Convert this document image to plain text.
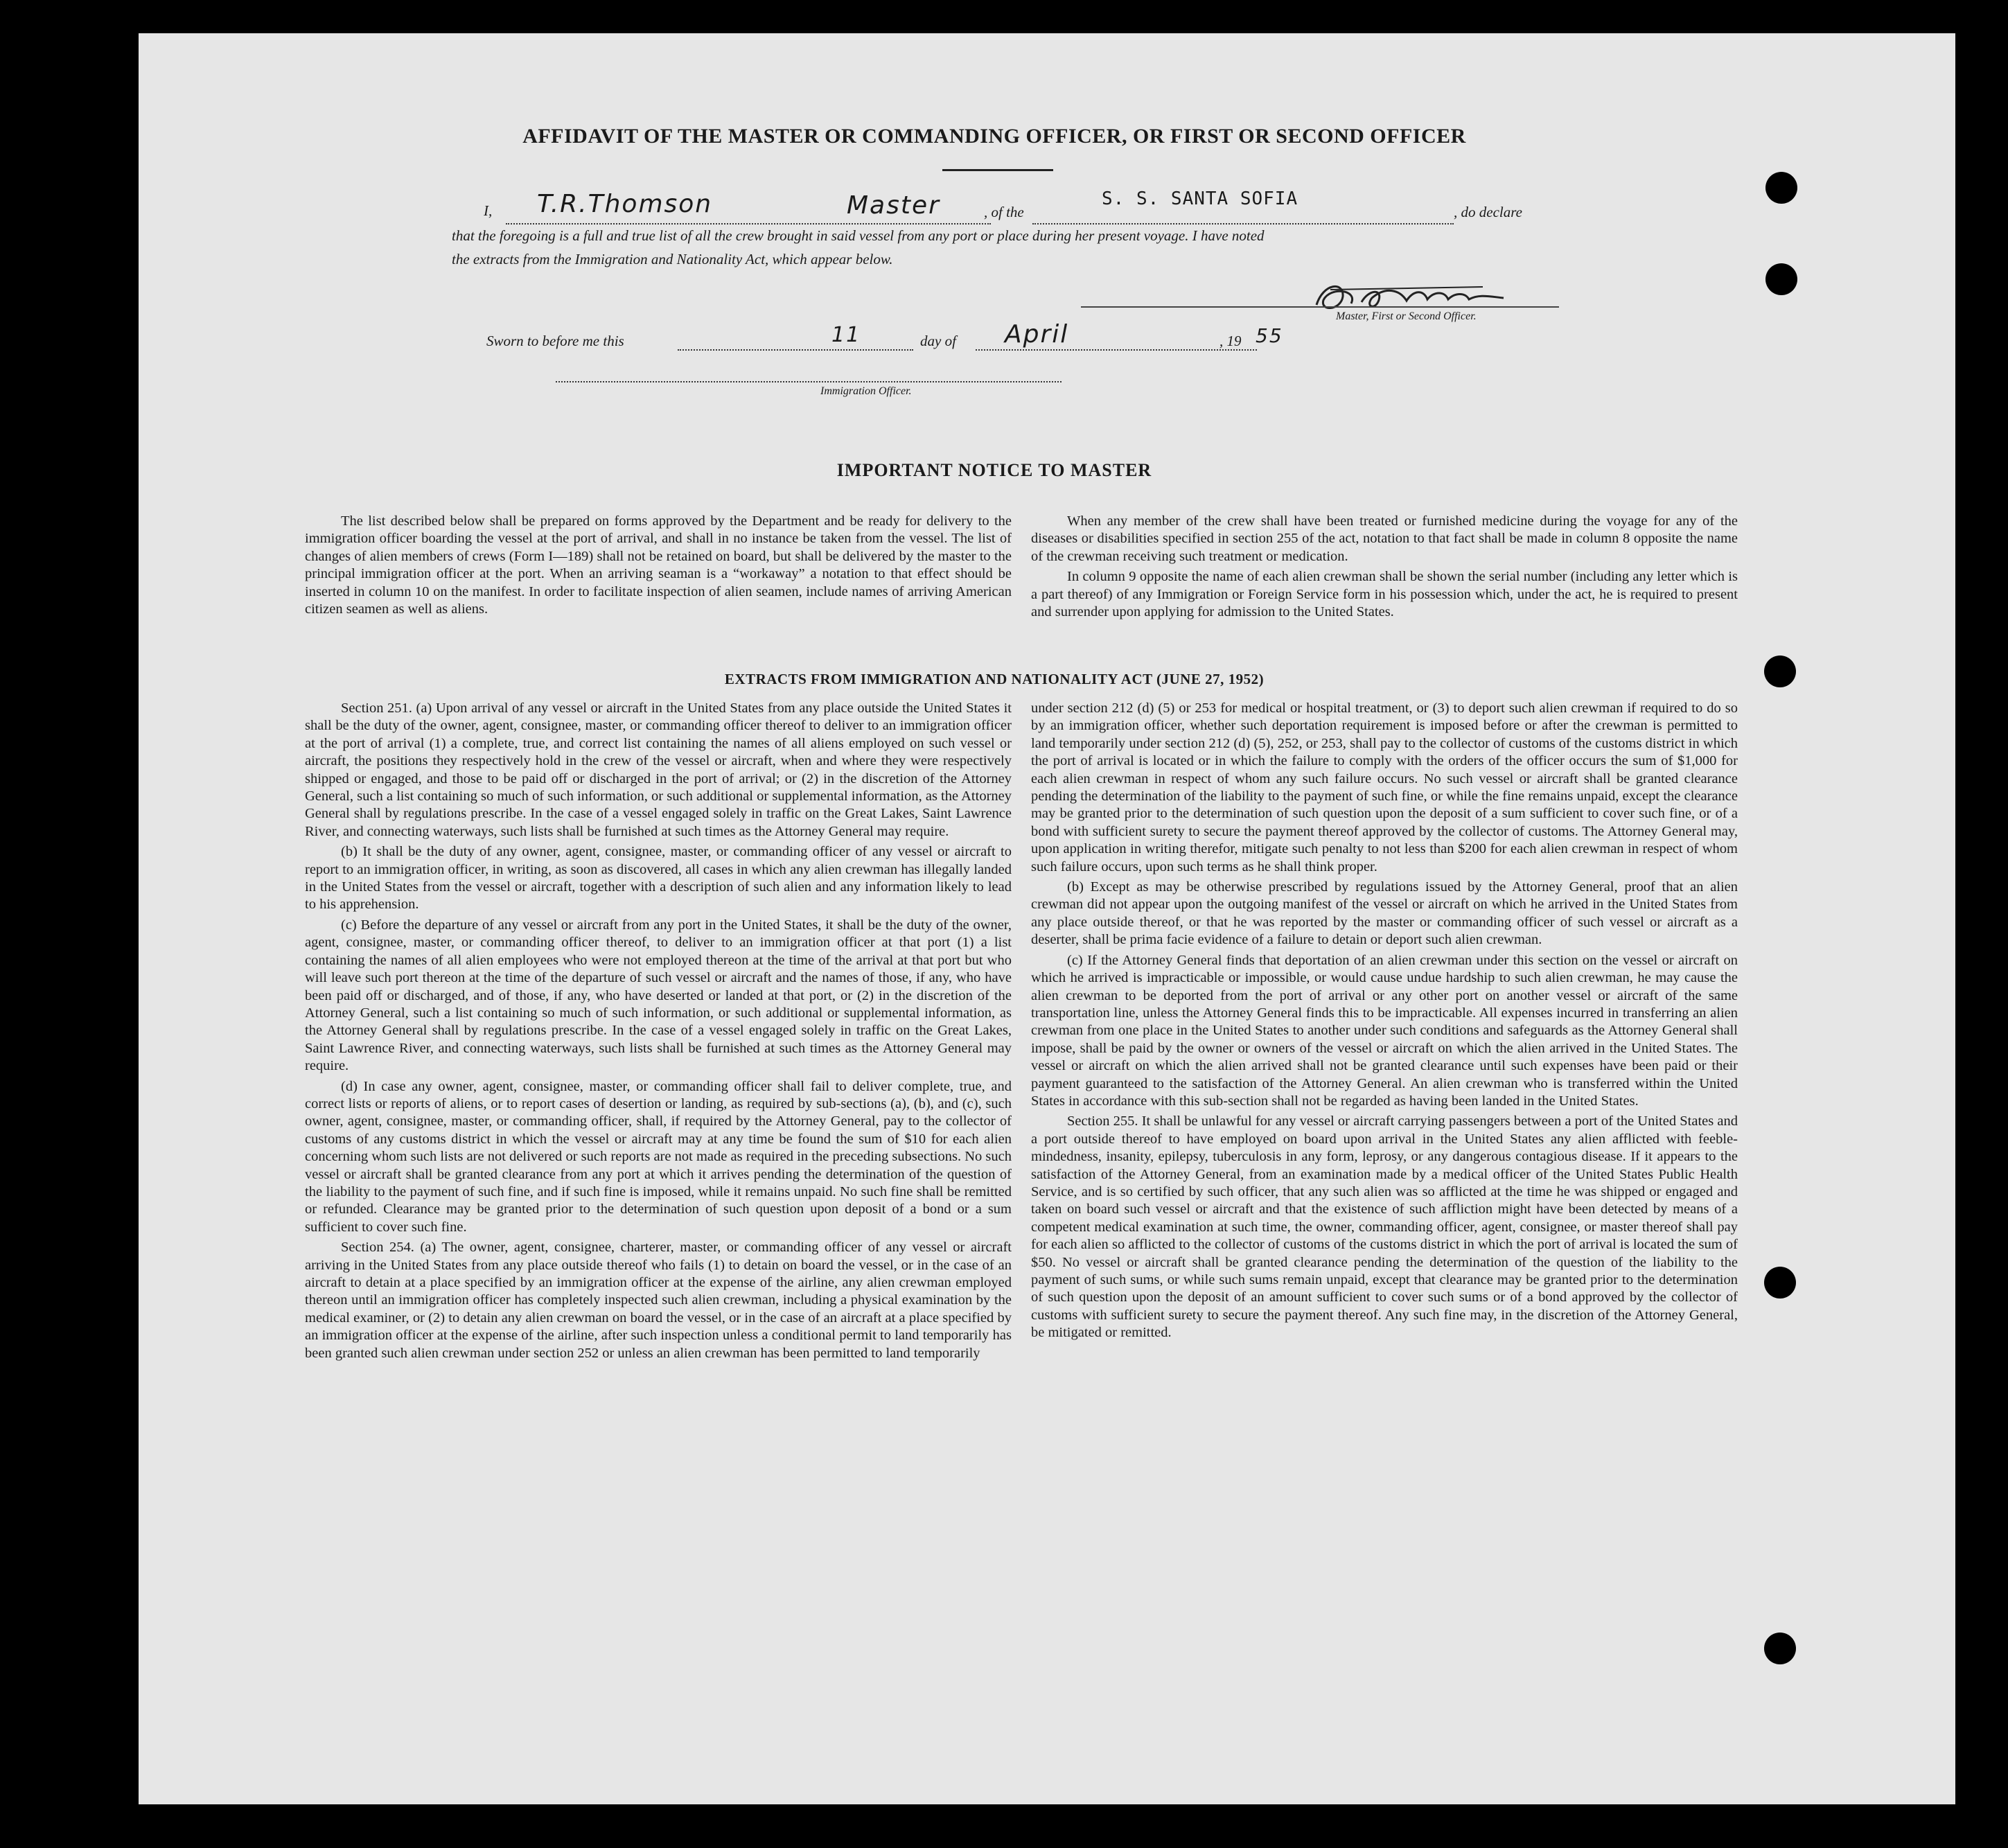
AFFIDAVIT OF THE MASTER OR COMMANDING OFFICER, OR FIRST OR SECOND OFFICER
I, T.R.Thomson	Master	, of the
S. S. SANTA SOFIA
, do declare
that the foregoing is a full and true list of all the crew brought in said vessel from any port or place during her present voyage. I have noted
the extracts from the Immigration and Nationality Act, which appear below.
Master, First or Second Officer.
Sworn to before me this	11	day of April	, 19 55
Immigration Officer.
IMPORTANT NOTICE TO MASTER

The list described below shall be prepared on forms approved by the Department and be ready for delivery to the immigration officer boarding the vessel at the port of arrival, and shall in no instance be taken from the vessel. The list of changes of alien members of crews (Form I—189) shall not be retained on board, but shall be delivered by the master to the principal immigration officer at the port. When an arriving seaman is a “workaway” a notation to that effect should be inserted in column 10 on the manifest. In order to facilitate inspection of alien seamen, include names of arriving American citizen seamen as well as aliens.

When any member of the crew shall have been treated or furnished medicine during the voyage for any of the diseases or disabilities specified in section 255 of the act, notation to that fact shall be made in column 8 opposite the name of the crewman receiving such treatment or medication.

In column 9 opposite the name of each alien crewman shall be shown the serial number (including any letter which is a part thereof) of any Immigration or Foreign Service form in his possession which, under the act, he is required to present and surrender upon applying for admission to the United States.

EXTRACTS FROM IMMIGRATION AND NATIONALITY ACT (JUNE 27, 1952)

Section 251. (a) Upon arrival of any vessel or aircraft in the United States from any place outside the United States it shall be the duty of the owner, agent, consignee, master, or commanding officer thereof to deliver to an immigration officer at the port of arrival (1) a complete, true, and correct list containing the names of all aliens employed on such vessel or aircraft, the positions they respectively hold in the crew of the vessel or aircraft, when and where they were respectively shipped or engaged, and those to be paid off or discharged in the port of arrival; or (2) in the discretion of the Attorney General, such a list containing so much of such information, or such additional or supplemental information, as the Attorney General shall by regulations prescribe. In the case of a vessel engaged solely in traffic on the Great Lakes, Saint Lawrence River, and connecting waterways, such lists shall be furnished at such times as the Attorney General may require.

(b) It shall be the duty of any owner, agent, consignee, master, or commanding officer of any vessel or aircraft to report to an immigration officer, in writing, as soon as discovered, all cases in which any alien crewman has illegally landed in the United States from the vessel or aircraft, together with a description of such alien and any information likely to lead to his apprehension.

(c) Before the departure of any vessel or aircraft from any port in the United States, it shall be the duty of the owner, agent, consignee, master, or commanding officer thereof, to deliver to an immigration officer at that port (1) a list containing the names of all alien employees who were not employed thereon at the time of the arrival at that port but who will leave such port thereon at the time of the departure of such vessel or aircraft and the names of those, if any, who have been paid off or discharged, and of those, if any, who have deserted or landed at that port, or (2) in the discretion of the Attorney General, such a list containing so much of such information, or such additional or supplemental information, as the Attorney General shall by regulations prescribe. In the case of a vessel engaged solely in traffic on the Great Lakes, Saint Lawrence River, and connecting waterways, such lists shall be furnished at such times as the Attorney General may require.

(d) In case any owner, agent, consignee, master, or commanding officer shall fail to deliver complete, true, and correct lists or reports of aliens, or to report cases of desertion or landing, as required by sub-sections (a), (b), and (c), such owner, agent, consignee, master, or commanding officer, shall, if required by the Attorney General, pay to the collector of customs of any customs district in which the vessel or aircraft may at any time be found the sum of $10 for each alien concerning whom such lists are not delivered or such reports are not made as required in the preceding subsections. No such vessel or aircraft shall be granted clearance from any port at which it arrives pending the determination of the question of the liability to the payment of such fine, and if such fine is imposed, while it remains unpaid. No such fine shall be remitted or refunded. Clearance may be granted prior to the determination of such question upon deposit of a bond or a sum sufficient to cover such fine.

Section 254. (a) The owner, agent, consignee, charterer, master, or commanding officer of any vessel or aircraft arriving in the United States from any place outside thereof who fails (1) to detain on board the vessel, or in the case of an aircraft to detain at a place specified by an immigration officer at the expense of the airline, any alien crewman employed thereon until an immigration officer has completely inspected such alien crewman, including a physical examination by the medical examiner, or (2) to detain any alien crewman on board the vessel, or in the case of an aircraft at a place specified by an immigration officer at the expense of the airline, after such inspection unless a conditional permit to land temporarily has been granted such alien crewman under section 252 or unless an alien crewman has been permitted to land temporarily

under section 212 (d) (5) or 253 for medical or hospital treatment, or (3) to deport such alien crewman if required to do so by an immigration officer, whether such deportation requirement is imposed before or after the crewman is permitted to land temporarily under section 212 (d) (5), 252, or 253, shall pay to the collector of customs of the customs district in which the port of arrival is located or in which the failure to comply with the orders of the officer occurs the sum of $1,000 for each alien crewman in respect of whom any such failure occurs. No such vessel or aircraft shall be granted clearance pending the determination of the liability to the payment of such fine, or while the fine remains unpaid, except the clearance may be granted prior to the determination of such question upon the deposit of a sum sufficient to cover such fine, or of a bond with sufficient surety to secure the payment thereof approved by the collector of customs. The Attorney General may, upon application in writing therefor, mitigate such penalty to not less than $200 for each alien crewman in respect of whom such failure occurs, upon such terms as he shall think proper.

(b) Except as may be otherwise prescribed by regulations issued by the Attorney General, proof that an alien crewman did not appear upon the outgoing manifest of the vessel or aircraft on which he arrived in the United States from any place outside thereof, or that he was reported by the master or commanding officer of such vessel or aircraft as a deserter, shall be prima facie evidence of a failure to detain or deport such alien crewman.

(c) If the Attorney General finds that deportation of an alien crewman under this section on the vessel or aircraft on which he arrived is impracticable or impossible, or would cause undue hardship to such alien crewman, he may cause the alien crewman to be deported from the port of arrival or any other port on another vessel or aircraft of the same transportation line, unless the Attorney General finds this to be impracticable. All expenses incurred in transferring an alien crewman from one place in the United States to another under such conditions and safeguards as the Attorney General shall impose, shall be paid by the owner or owners of the vessel or aircraft on which the alien arrived in the United States. The vessel or aircraft on which the alien arrived shall not be granted clearance until such expenses have been paid or their payment guaranteed to the satisfaction of the Attorney General. An alien crewman who is transferred within the United States in accordance with this sub-section shall not be regarded as having been landed in the United States.

Section 255. It shall be unlawful for any vessel or aircraft carrying passengers between a port of the United States and a port outside thereof to have employed on board upon arrival in the United States any alien afflicted with feeble-mindedness, insanity, epilepsy, tuberculosis in any form, leprosy, or any dangerous contagious disease. If it appears to the satisfaction of the Attorney General, from an examination made by a medical officer of the United States Public Health Service, and is so certified by such officer, that any such alien was so afflicted at the time he was shipped or engaged and taken on board such vessel or aircraft and that the existence of such affliction might have been detected by means of a competent medical examination at such time, the owner, commanding officer, agent, consignee, or master thereof shall pay for each alien so afflicted to the collector of customs of the customs district in which the port of arrival is located the sum of $50. No vessel or aircraft shall be granted clearance pending the determination of the question of the liability to the payment of such sums, or while such sums remain unpaid, except that clearance may be granted prior to the determination of such question upon the deposit of an amount sufficient to cover such sums or of a bond approved by the collector of customs with sufficient surety to secure the payment thereof. Any such fine may, in the discretion of the Attorney General, be mitigated or remitted.
